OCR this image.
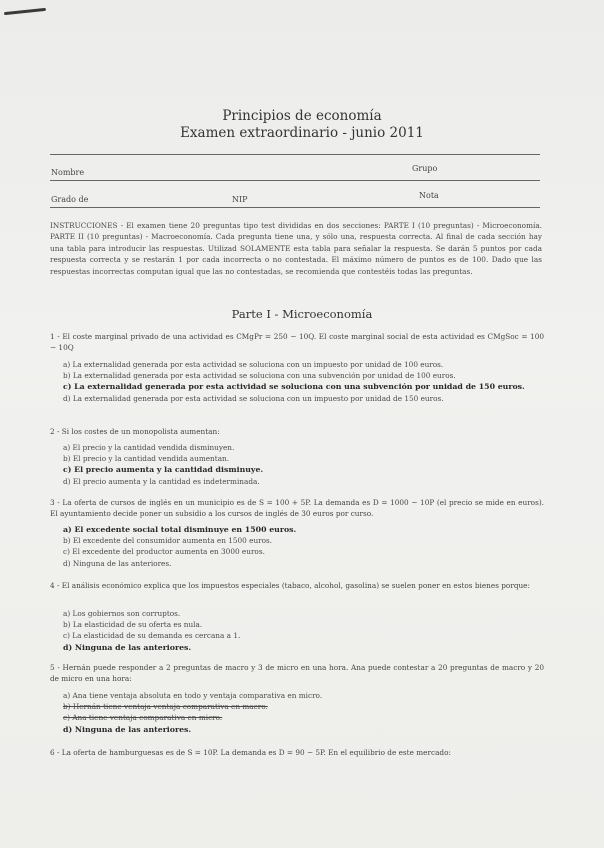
Principios de economía
Examen extraordinario - junio 2011
Nombre	Grupo
Grado de	NIP	Nota
INSTRUCCIONES - El examen tiene 20 preguntas tipo test divididas en dos secciones: PARTE I (10 preguntas) - Microeconomía. PARTE II (10 preguntas) - Macroeconomía. Cada pregunta tiene una, y sólo una, respuesta correcta. Al final de cada sección hay una tabla para introducir las respuestas. Utilizad SOLAMENTE esta tabla para señalar la respuesta. Se darán 5 puntos por cada respuesta correcta y se restarán 1 por cada incorrecta o no contestada. El máximo número de puntos es de 100. Dado que las respuestas incorrectas computan igual que las no contestadas, se recomienda que contestéis todas las preguntas.
Parte I - Microeconomía
1 - El coste marginal privado de una actividad es CMgPr = 250 − 10Q. El coste marginal social de esta actividad es CMgSoc = 100 − 10Q
a) La externalidad generada por esta actividad se soluciona con un impuesto por unidad de 100 euros.
b) La externalidad generada por esta actividad se soluciona con una subvención por unidad de 100 euros.
c) La externalidad generada por esta actividad se soluciona con una subvención por unidad de 150 euros.
d) La externalidad generada por esta actividad se soluciona con un impuesto por unidad de 150 euros.
2 - Si los costes de un monopolista aumentan:
a) El precio y la cantidad vendida disminuyen.
b) El precio y la cantidad vendida aumentan.
c) El precio aumenta y la cantidad disminuye.
d) El precio aumenta y la cantidad es indeterminada.
3 - La oferta de cursos de inglés en un municipio es de S = 100 + 5P. La demanda es D = 1000 − 10P (el precio se mide en euros). El ayuntamiento decide poner un subsidio a los cursos de inglés de 30 euros por curso.
a) El excedente social total disminuye en 1500 euros.
b) El excedente del consumidor aumenta en 1500 euros.
c) El excedente del productor aumenta en 3000 euros.
d) Ninguna de las anteriores.
4 - El análisis económico explica que los impuestos especiales (tabaco, alcohol, gasolina) se suelen poner en estos bienes porque:
a) Los gobiernos son corruptos.
b) La elasticidad de su oferta es nula.
c) La elasticidad de su demanda es cercana a 1.
d) Ninguna de las anteriores.
5 - Hernán puede responder a 2 preguntas de macro y 3 de micro en una hora. Ana puede contestar a 20 preguntas de macro y 20 de micro en una hora:
a) Ana tiene ventaja absoluta en todo y ventaja comparativa en micro.
b) Hernán tiene ventaja ventaja comparativa en macro.
c) Ana tiene ventaja comparativa en micro.
d) Ninguna de las anteriores.
6 - La oferta de hamburguesas es de S = 10P. La demanda es D = 90 − 5P. En el equilibrio de este mercado:
